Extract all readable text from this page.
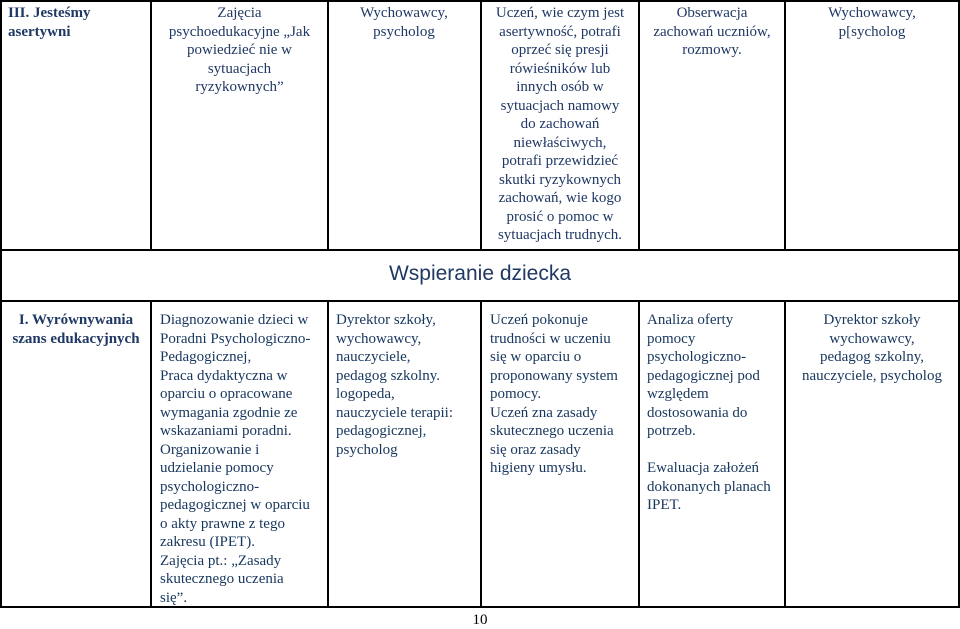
III. Jesteśmy asertywni
Zajęcia
psychoedukacyjne „Jak
powiedzieć nie w
sytuacjach
ryzykownych”
Wychowawcy,
psycholog
Uczeń, wie czym jest
asertywność, potrafi
oprzeć się presji
rówieśników lub
innych osób w
sytuacjach namowy
do zachowań
niewłaściwych,
potrafi przewidzieć
skutki ryzykownych
zachowań, wie kogo
prosić o pomoc w
sytuacjach trudnych.
Obserwacja
zachowań uczniów,
rozmowy.
Wychowawcy,
p[sycholog
Wspieranie dziecka
I. Wyrównywania
szans edukacyjnych
Diagnozowanie dzieci w
Poradni Psychologiczno-
Pedagogicznej,
Praca dydaktyczna w
oparciu o opracowane
wymagania zgodnie ze
wskazaniami poradni.
Organizowanie i
udzielanie pomocy
psychologiczno-
pedagogicznej w oparciu
o akty prawne z tego
zakresu (IPET).
Zajęcia pt.: „Zasady
skutecznego uczenia
się”.
Dyrektor szkoły,
wychowawcy,
nauczyciele,
pedagog szkolny.
logopeda,
nauczyciele terapii:
pedagogicznej,
psycholog
Uczeń pokonuje
trudności w uczeniu
się w oparciu o
proponowany system
pomocy.
Uczeń zna zasady
skutecznego uczenia
się oraz zasady
higieny umysłu.
Analiza oferty
pomocy
psychologiczno-
pedagogicznej pod
względem
dostosowania do
potrzeb.

Ewaluacja założeń
dokonanych planach
IPET.
Dyrektor szkoły
wychowawcy,
pedagog szkolny,
nauczyciele, psycholog
10
